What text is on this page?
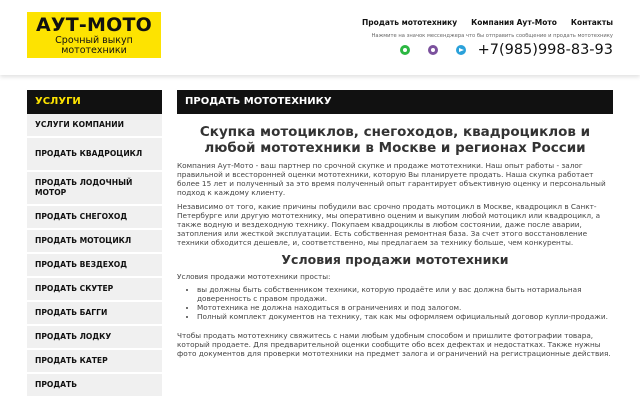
АУТ-МОТО
Срочный выкуп мототехники
Продать мототехнику Компания Аут-Мото Контакты
Нажмите на значок мессенджера что бы отправить сообщение и продать мототехнику
+7(985)998-83-93
УСЛУГИ
УСЛУГИ КОМПАНИИ
ПРОДАТЬ КВАДРОЦИКЛ
ПРОДАТЬ ЛОДОЧНЫЙ МОТОР
ПРОДАТЬ СНЕГОХОД
ПРОДАТЬ МОТОЦИКЛ
ПРОДАТЬ ВЕЗДЕХОД
ПРОДАТЬ СКУТЕР
ПРОДАТЬ БАГГИ
ПРОДАТЬ ЛОДКУ
ПРОДАТЬ КАТЕР
ПРОДАТЬ
ПРОДАТЬ МОТОТЕХНИКУ
Скупка мотоциклов, снегоходов, квадроциклов и любой мототехники в Москве и регионах России

Компания Аут-Мото - ваш партнер по срочной скупке и продаже мототехники. Наш опыт работы - залог правильной и всесторонней оценки мототехники, которую Вы планируете продать. Наша скупка работает более 15 лет и полученный за это время полученный опыт гарантирует объективную оценку и персональный подход к каждому клиенту.

Независимо от того, какие причины побудили вас срочно продать мотоцикл в Москве, квадроцикл в Санкт-Петербурге или другую мототехнику, мы оперативно оценим и выкупим любой мотоцикл или квадроцикл, а также водную и вездеходную технику. Покупаем квадроциклы в любом состоянии, даже после аварии, затопления или жесткой эксплуатации. Есть собственная ремонтная база. За счет этого восстановление техники обходится дешевле, и, соответственно, мы предлагаем за технику больше, чем конкуренты.

Условия продажи мототехники

Условия продажи мототехники просты:

• вы должны быть собственником техники, которую продаёте или у вас должна быть нотариальная доверенность с правом продажи.
• Мототехника не должна находиться в ограничениях и под залогом.
• Полный комплект документов на технику, так как мы оформляем официальный договор купли-продажи.

Чтобы продать мототехнику свяжитесь с нами любым удобным способом и пришлите фотографии товара, который продаете. Для предварительной оценки сообщите обо всех дефектах и недостатках. Также нужны фото документов для проверки мототехники на предмет залога и ограничений на регистрационные действия.
